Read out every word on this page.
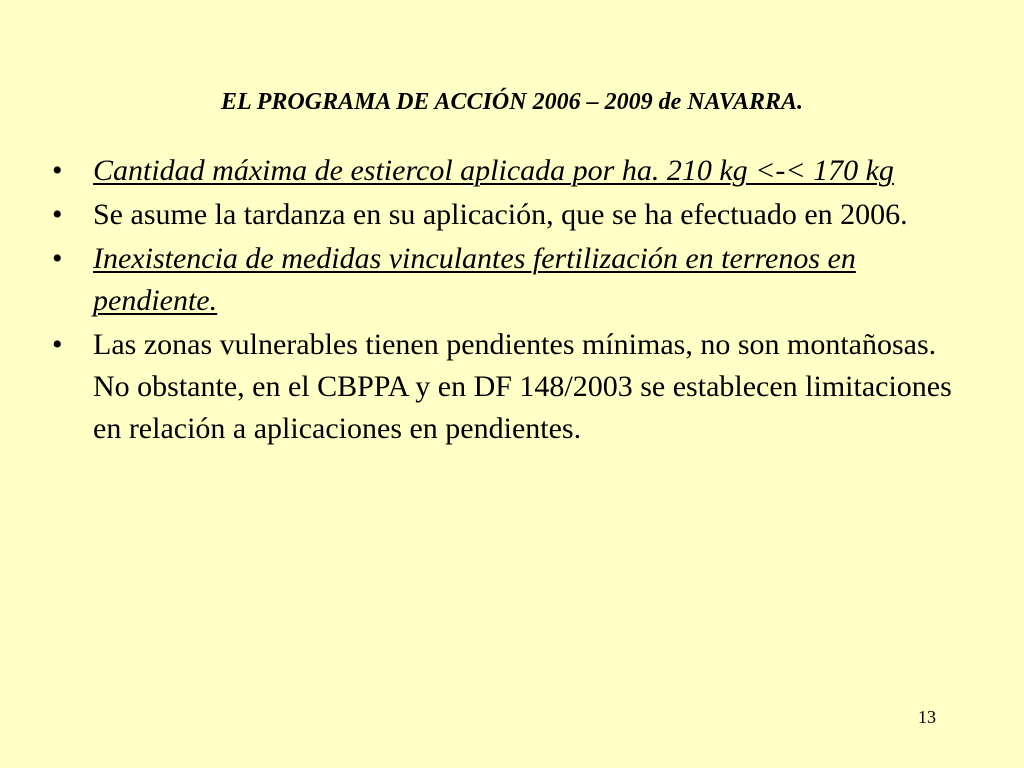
EL PROGRAMA DE ACCIÓN 2006 – 2009 de NAVARRA.
•	Cantidad máxima de estiercol aplicada por ha. 210 kg <-< 170 kg
•	Se asume la tardanza en su aplicación, que se ha efectuado en 2006.
•	Inexistencia de medidas vinculantes fertilización en terrenos en pendiente.
•	Las zonas vulnerables tienen pendientes mínimas, no son montañosas. No obstante, en el CBPPA y en DF 148/2003 se establecen limitaciones en relación a aplicaciones en pendientes.
13
